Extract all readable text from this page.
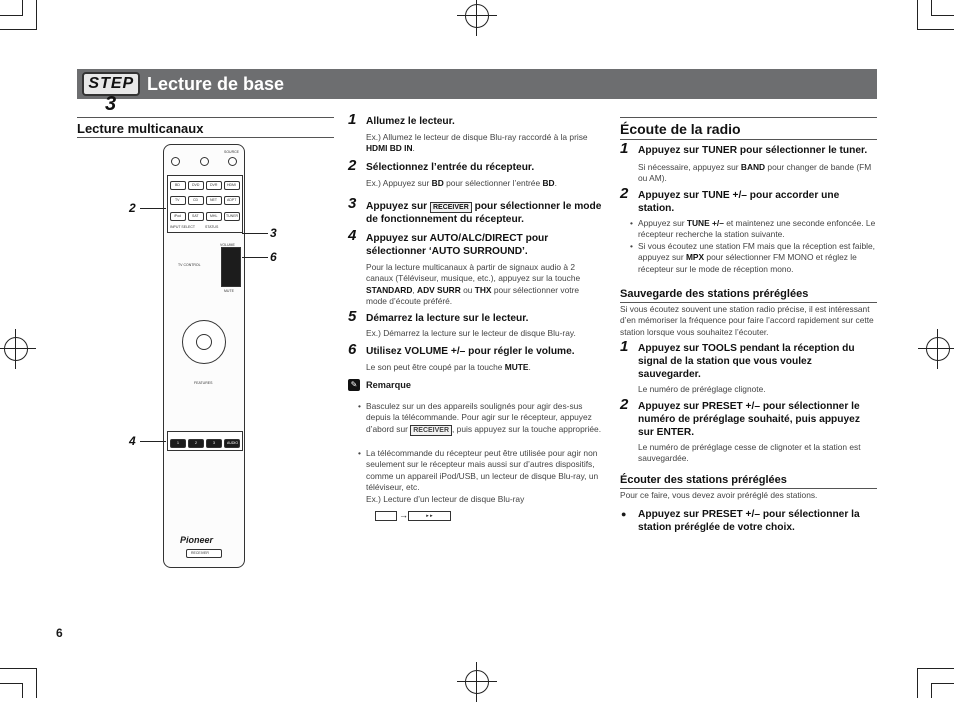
STEP 3
Lecture de base
Lecture multicanaux
SOURCE
BD	DVD	DVR	HDMI
TV	CD	NET	ADPT
iPod	SAT	MHL TUNER
INPUT SELECT	STATUS
VOLUME
MUTE
TV CONTROL
FEATURES
1	2	3	AUDIO
Pioneer
RECEIVER
2
3
6
4
1 Allumez le lecteur.
Ex.) Allumez le lecteur de disque Blu-ray raccordé à la prise HDMI BD IN.
2 Sélectionnez l’entrée du récepteur.
Ex.) Appuyez sur BD pour sélectionner l’entrée BD.
3 Appuyez sur RECEIVER pour sélectionner le mode de fonctionnement du récepteur.
4 Appuyez sur AUTO/ALC/DIRECT pour sélectionner ‘AUTO SURROUND’.
Pour la lecture multicanaux à partir de signaux audio à 2 canaux (Téléviseur, musique, etc.), appuyez sur la touche STANDARD, ADV SURR ou THX pour sélectionner votre mode d’écoute préféré.
5 Démarrez la lecture sur le lecteur.
Ex.) Démarrez la lecture sur le lecteur de disque Blu-ray.
6 Utilisez VOLUME +/– pour régler le volume.
Le son peut être coupé par la touche MUTE.
✎ Remarque
• Basculez sur un des appareils soulignés pour agir des-sus depuis la télécommande. Pour agir sur le récepteur, appuyez d’abord sur RECEIVER , puis appuyez sur la touche appropriée.
• La télécommande du récepteur peut être utilisée pour agir non seulement sur le récepteur mais aussi sur d’autres dispositifs, comme un appareil iPod/USB, un lecteur de disque Blu-ray, un téléviseur, etc.
Ex.) Lecture d’un lecteur de disque Blu-ray
→	▸ ▸
Écoute de la radio
1 Appuyez sur TUNER pour sélectionner le tuner.
Si nécessaire, appuyez sur BAND pour changer de bande (FM ou AM).
2 Appuyez sur TUNE +/– pour accorder une station.
• Appuyez sur TUNE +/– et maintenez une seconde enfoncée. Le récepteur recherche la station suivante.
• Si vous écoutez une station FM mais que la réception est faible, appuyez sur MPX pour sélectionner FM MONO et réglez le récepteur sur le mode de réception mono.
Sauvegarde des stations préréglées
Si vous écoutez souvent une station radio précise, il est intéressant d’en mémoriser la fréquence pour faire l’accord rapidement sur cette station lorsque vous souhaitez l’écouter.
1 Appuyez sur TOOLS pendant la réception du signal de la station que vous voulez sauvegarder.
Le numéro de préréglage clignote.
2 Appuyez sur PRESET +/– pour sélectionner le numéro de préréglage souhaité, puis appuyez sur ENTER.
Le numéro de préréglage cesse de clignoter et la station est sauvegardée.
Écouter des stations préréglées
Pour ce faire, vous devez avoir préréglé des stations.
● Appuyez sur PRESET +/– pour sélectionner la station préréglée de votre choix.
6
